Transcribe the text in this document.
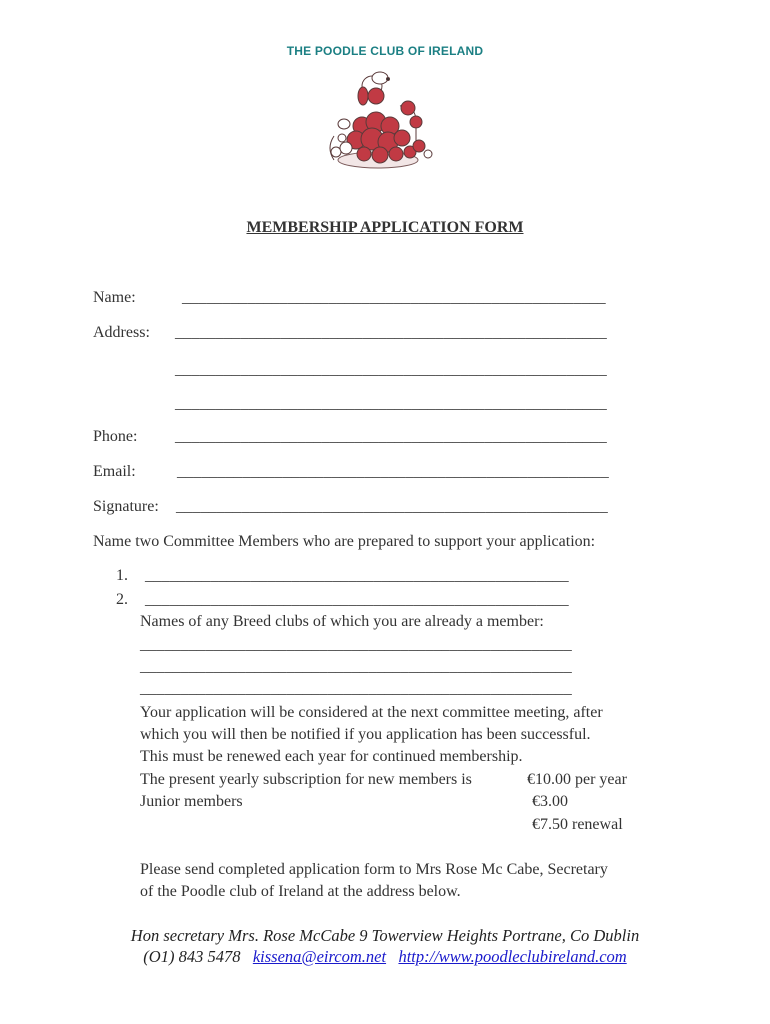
THE POODLE CLUB OF IRELAND
MEMBERSHIP APPLICATION FORM
Name:	____________________________________________________
Address: _____________________________________________________
_____________________________________________________
_____________________________________________________
Phone: _____________________________________________________
Email:	_____________________________________________________
Signature: _____________________________________________________
Name two Committee Members who are prepared to support your application:
1. ____________________________________________________
2. ____________________________________________________
Names of any Breed clubs of which you are already a member:
_____________________________________________________
_____________________________________________________
_____________________________________________________
Your application will be considered at the next committee meeting, after
which you will then be notified if you application has been successful.
This must be renewed each year for continued membership.
The present yearly subscription for new members is	€10.00 per year
Junior members	€3.00
€7.50 renewal
Please send completed application form to Mrs Rose Mc Cabe, Secretary
of the Poodle club of Ireland at the address below.
Hon secretary Mrs. Rose McCabe 9 Towerview Heights Portrane, Co Dublin
(O1) 843 5478 kissena@eircom.net http://www.poodleclubireland.com
